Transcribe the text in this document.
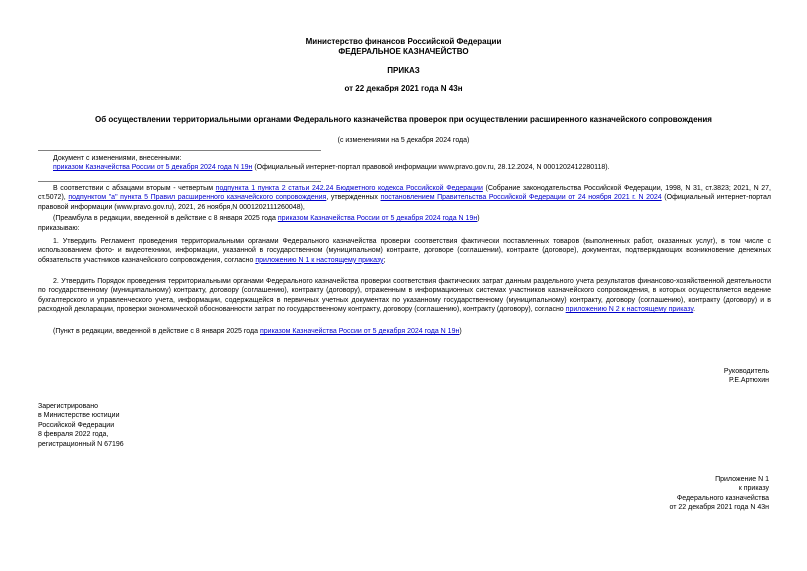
Министерство финансов Российской Федерации
ФЕДЕРАЛЬНОЕ КАЗНАЧЕЙСТВО
ПРИКАЗ
от 22 декабря 2021 года N 43н
Об осуществлении территориальными органами Федерального казначейства проверок при осуществлении расширенного казначейского сопровождения
(с изменениями на 5 декабря 2024 года)
Документ с изменениями, внесенными:
приказом Казначейства России от 5 декабря 2024 года N 19н (Официальный интернет-портал правовой информации www.pravo.gov.ru, 28.12.2024, N 0001202412280118).
В соответствии с абзацами вторым - четвертым подпункта 1 пункта 2 статьи 242.24 Бюджетного кодекса Российской Федерации (Собрание законодательства Российской Федерации, 1998, N 31, ст.3823; 2021, N 27, ст.5072), подпунктом "а" пункта 5 Правил расширенного казначейского сопровождения, утвержденных постановлением Правительства Российской Федерации от 24 ноября 2021 г. N 2024 (Официальный интернет-портал правовой информации (www.pravo.gov.ru), 2021, 26 ноября,N 0001202111260048),
(Преамбула в редакции, введенной в действие с 8 января 2025 года приказом Казначейства России от 5 декабря 2024 года N 19н)
приказываю:
1. Утвердить Регламент проведения территориальными органами Федерального казначейства проверки соответствия фактически поставленных товаров (выполненных работ, оказанных услуг), в том числе с использованием фото- и видеотехники, информации, указанной в государственном (муниципальном) контракте, договоре (соглашении), контракте (договоре), документах, подтверждающих возникновение денежных обязательств участников казначейского сопровождения, согласно приложению N 1 к настоящему приказу;
2. Утвердить Порядок проведения территориальными органами Федерального казначейства проверки соответствия фактических затрат данным раздельного учета результатов финансово-хозяйственной деятельности по государственному (муниципальному) контракту, договору (соглашению), контракту (договору), отраженным в информационных системах участников казначейского сопровождения, в которых осуществляется ведение бухгалтерского и управленческого учета, информации, содержащейся в первичных учетных документах по указанному государственному (муниципальному) контракту, договору (соглашению), контракту (договору) и в расходной декларации, проверки экономической обоснованности затрат по государственному контракту, договору (соглашению), контракту (договору), согласно приложению N 2 к настоящему приказу.
(Пункт в редакции, введенной в действие с 8 января 2025 года приказом Казначейства России от 5 декабря 2024 года N 19н)
Руководитель
Р.Е.Артюхин
Зарегистрировано
в Министерстве юстиции
Российской Федерации
8 февраля 2022 года,
регистрационный N 67196
Приложение N 1
к приказу
Федерального казначейства
от 22 декабря 2021 года N 43н
